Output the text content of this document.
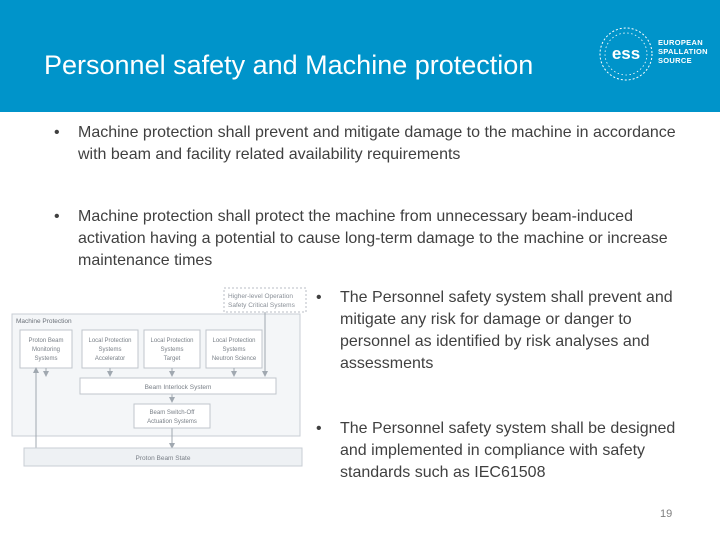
Personnel safety and Machine protection	ess
EUROPEAN
SPALLATION
SOURCE
• Machine protection shall prevent and mitigate damage to the machine in accordance with beam and facility related availability requirements
• Machine protection shall protect the machine from unnecessary beam-induced activation having a potential to cause long-term damage to the machine or increase maintenance times
• The Personnel safety system shall prevent and mitigate any risk for damage or danger to personnel as identified by risk analyses and assessments
• The Personnel safety system shall be designed and implemented in compliance with safety standards such as IEC61508
Higher-level Operation
Safety Critical Systems
Machine Protection
Proton Beam
Monitoring
Systems
Local Protection
Systems
Accelerator
Local Protection
Systems
Target
Local Protection
Systems
Neutron Science
Beam Interlock System
Beam Switch-Off
Actuation Systems
Proton Beam State
19
